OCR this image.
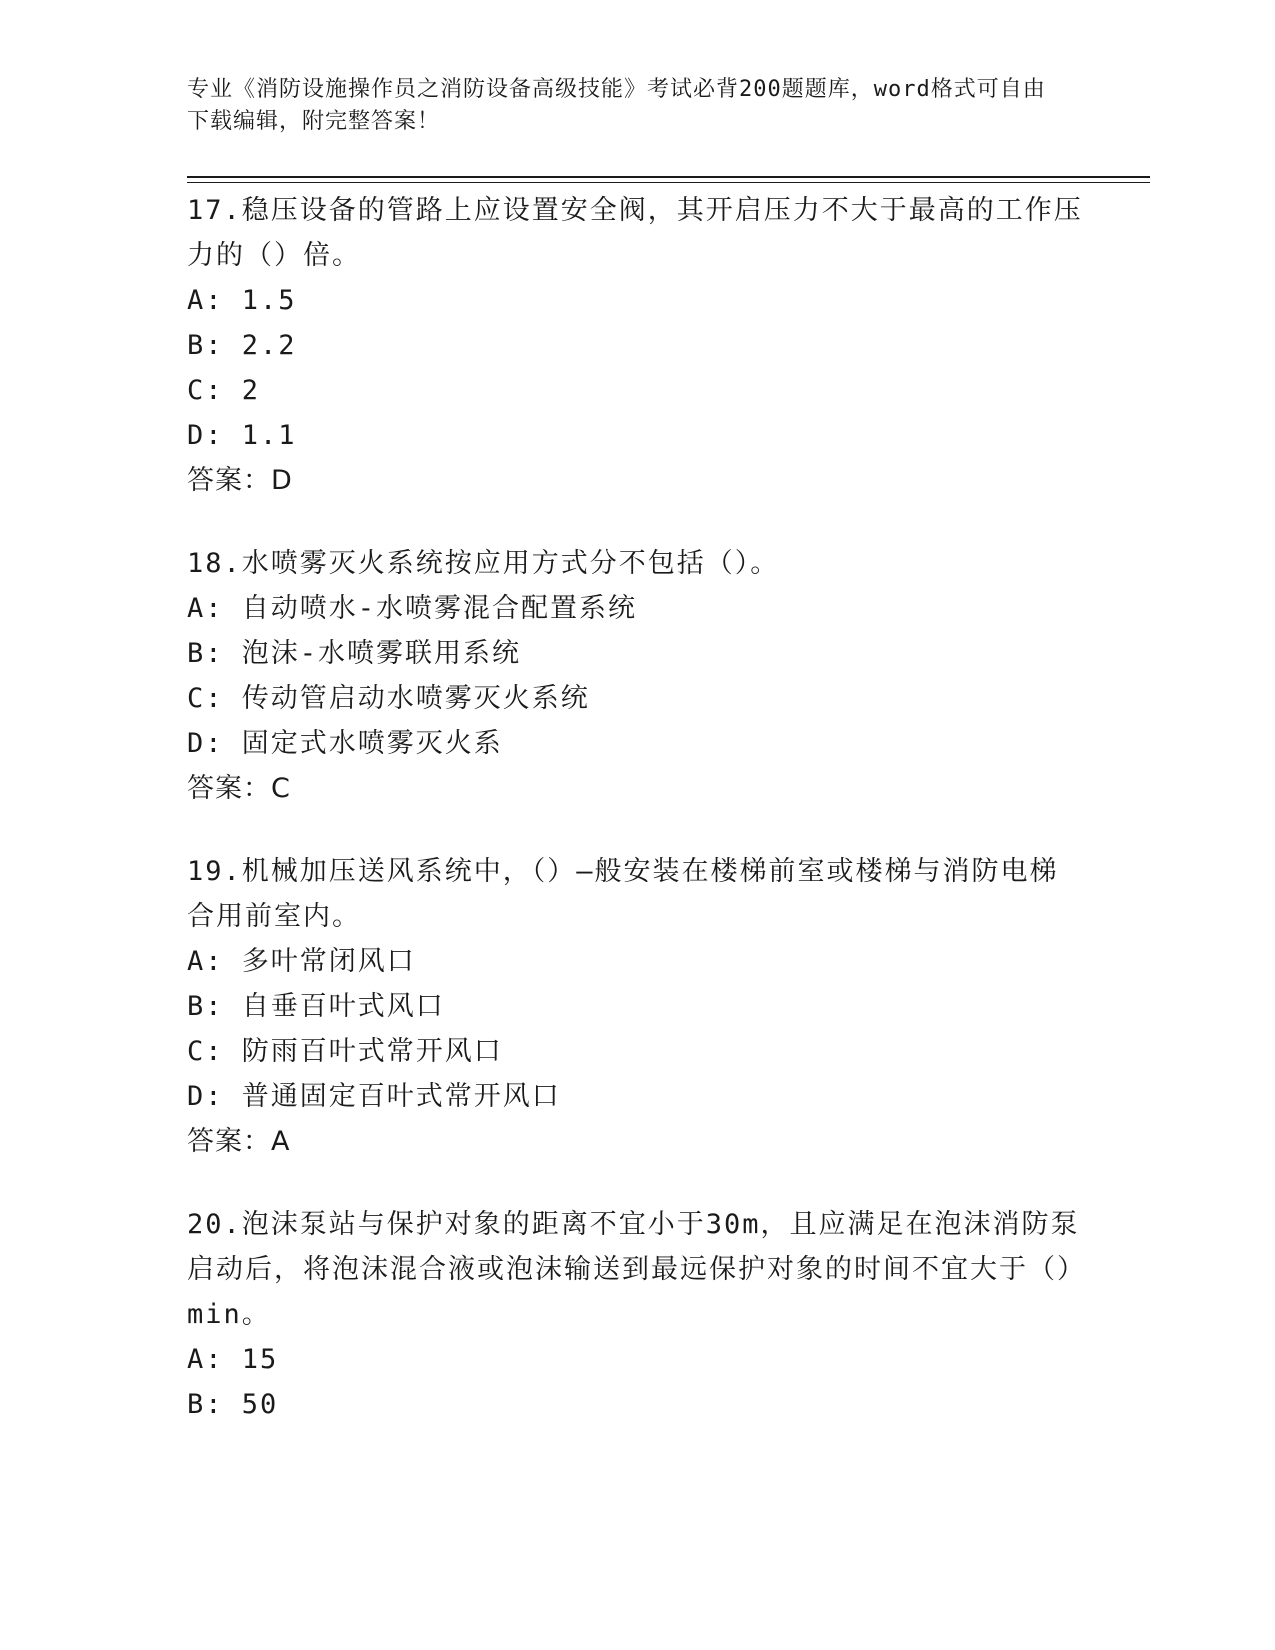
专业《消防设施操作员之消防设备高级技能》考试必背200题题库，word格式可自由下载编辑，附完整答案！

17.稳压设备的管路上应设置安全阀，其开启压力不大于最高的工作压力的（）倍。

A: 1.5

B: 2.2

C: 2

D: 1.1

答案：D

18.水喷雾灭火系统按应用方式分不包括（）。

A: 自动喷水-水喷雾混合配置系统

B: 泡沫-水喷雾联用系统

C: 传动管启动水喷雾灭火系统

D: 固定式水喷雾灭火系

答案：C

19.机械加压送风系统中，（）—般安装在楼梯前室或楼梯与消防电梯合用前室内。

A: 多叶常闭风口

B: 自垂百叶式风口

C: 防雨百叶式常开风口

D: 普通固定百叶式常开风口

答案：A

20.泡沫泵站与保护对象的距离不宜小于30m，且应满足在泡沫消防泵启动后，将泡沫混合液或泡沫输送到最远保护对象的时间不宜大于（）min。

A: 15

B: 50
